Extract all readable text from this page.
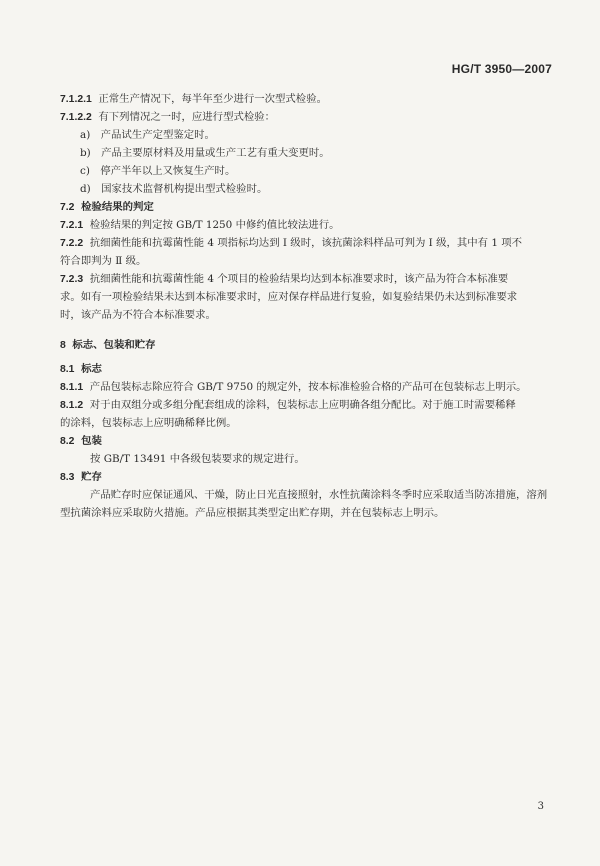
HG/T 3950—2007
7.1.2.1 正常生产情况下，每半年至少进行一次型式检验。
7.1.2.2 有下列情况之一时，应进行型式检验：
a)　产品试生产定型鉴定时。
b)　产品主要原材料及用量或生产工艺有重大变更时。
c)　停产半年以上又恢复生产时。
d)　国家技术监督机构提出型式检验时。
7.2 检验结果的判定
7.2.1 检验结果的判定按 GB/T 1250 中修约值比较法进行。
7.2.2 抗细菌性能和抗霉菌性能 4 项指标均达到 Ⅰ 级时，该抗菌涂料样品可判为 Ⅰ 级，其中有 1 项不
符合即判为 Ⅱ 级。
7.2.3 抗细菌性能和抗霉菌性能 4 个项目的检验结果均达到本标准要求时，该产品为符合本标准要
求。如有一项检验结果未达到本标准要求时，应对保存样品进行复验，如复验结果仍未达到标准要求
时，该产品为不符合本标准要求。
8 标志、包装和贮存
8.1 标志
8.1.1 产品包装标志除应符合 GB/T 9750 的规定外，按本标准检验合格的产品可在包装标志上明示。
8.1.2 对于由双组分或多组分配套组成的涂料，包装标志上应明确各组分配比。对于施工时需要稀释
的涂料，包装标志上应明确稀释比例。
8.2 包装
按 GB/T 13491 中各级包装要求的规定进行。
8.3 贮存
产品贮存时应保证通风、干燥，防止日光直接照射，水性抗菌涂料冬季时应采取适当防冻措施，溶剂
型抗菌涂料应采取防火措施。产品应根据其类型定出贮存期，并在包装标志上明示。
3
